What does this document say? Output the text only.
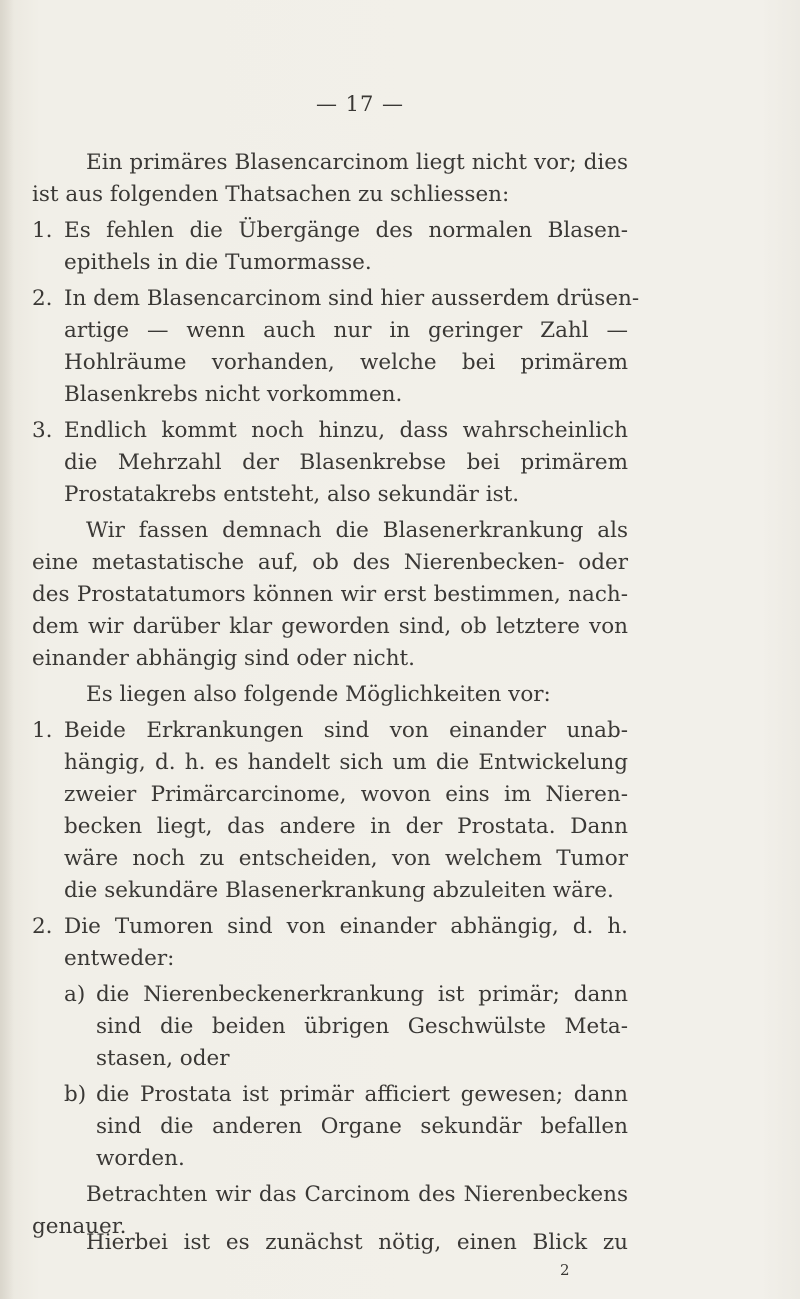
— 17 —
Ein primäres Blasencarcinom liegt nicht vor; dies
ist aus folgenden Thatsachen zu schliessen:
1. Es fehlen die Übergänge des normalen Blasen-
epithels in die Tumormasse.
2. In dem Blasencarcinom sind hier ausserdem drüsen-
artige — wenn auch nur in geringer Zahl —
Hohlräume vorhanden, welche bei primärem
Blasenkrebs nicht vorkommen.
3. Endlich kommt noch hinzu, dass wahrscheinlich
die Mehrzahl der Blasenkrebse bei primärem
Prostatakrebs entsteht, also sekundär ist.
Wir fassen demnach die Blasenerkrankung als
eine metastatische auf, ob des Nierenbecken- oder
des Prostatatumors können wir erst bestimmen, nach-
dem wir darüber klar geworden sind, ob letztere von
einander abhängig sind oder nicht.
Es liegen also folgende Möglichkeiten vor:
1. Beide Erkrankungen sind von einander unab-
hängig, d. h. es handelt sich um die Entwickelung
zweier Primärcarcinome, wovon eins im Nieren-
becken liegt, das andere in der Prostata. Dann
wäre noch zu entscheiden, von welchem Tumor
die sekundäre Blasenerkrankung abzuleiten wäre.
2. Die Tumoren sind von einander abhängig, d. h.
entweder:
a) die Nierenbeckenerkrankung ist primär; dann
sind die beiden übrigen Geschwülste Meta-
stasen, oder
b) die Prostata ist primär afficiert gewesen; dann
sind die anderen Organe sekundär befallen
worden.
Betrachten wir das Carcinom des Nierenbeckens
genauer.
Hierbei ist es zunächst nötig, einen Blick zu
2
